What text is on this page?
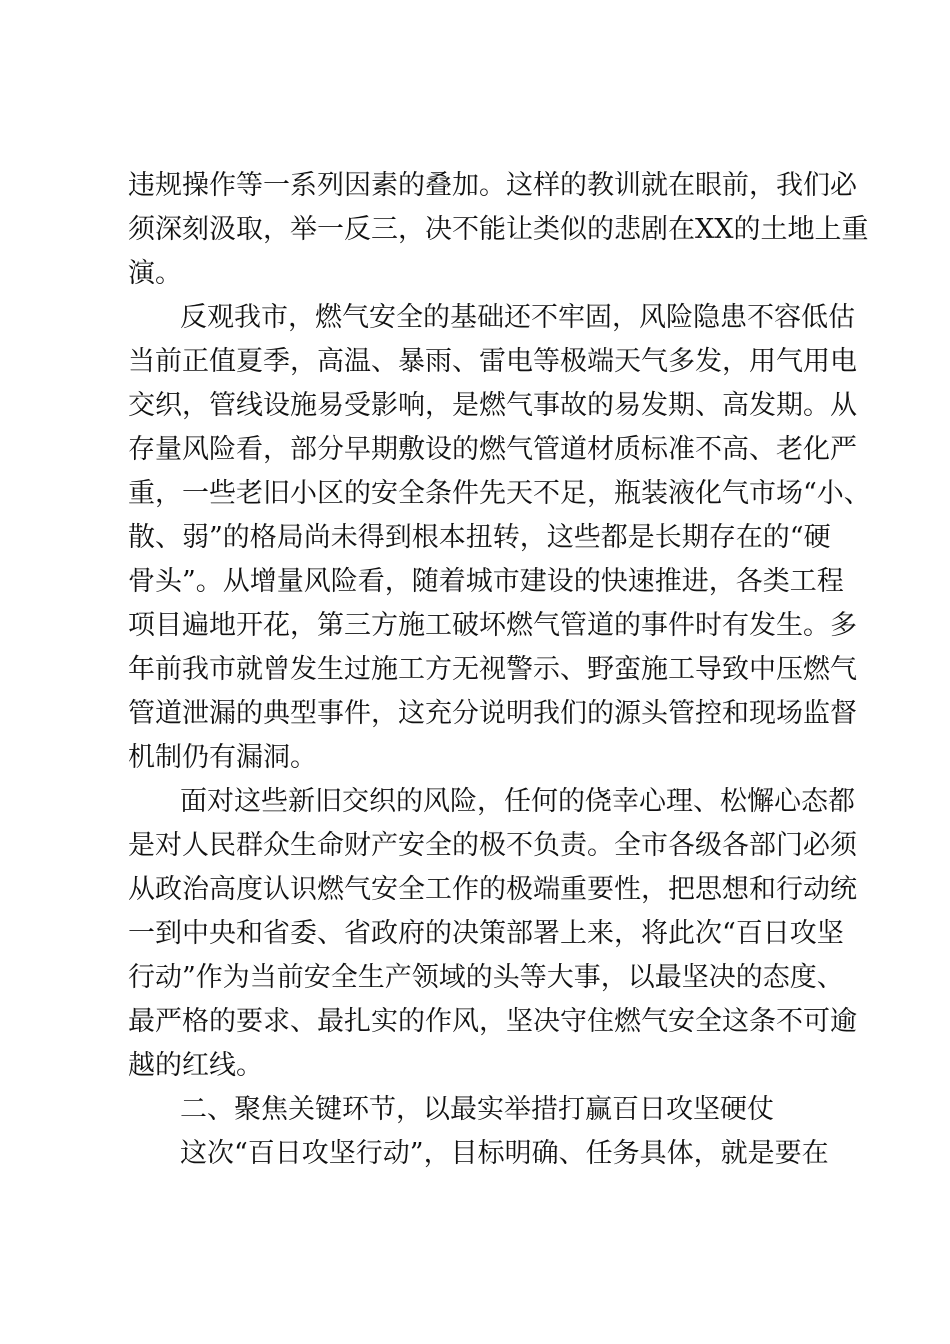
违规操作等一系列因素的叠加。这样的教训就在眼前，我们必
须深刻汲取，举一反三，决不能让类似的悲剧在XX的土地上重
演。
反观我市，燃气安全的基础还不牢固，风险隐患不容低估
当前正值夏季，高温、暴雨、雷电等极端天气多发，用气用电
交织，管线设施易受影响，是燃气事故的易发期、高发期。从
存量风险看，部分早期敷设的燃气管道材质标准不高、老化严
重，一些老旧小区的安全条件先天不足，瓶装液化气市场“小、
散、弱”的格局尚未得到根本扭转，这些都是长期存在的“硬
骨头”。从增量风险看，随着城市建设的快速推进，各类工程
项目遍地开花，第三方施工破坏燃气管道的事件时有发生。多
年前我市就曾发生过施工方无视警示、野蛮施工导致中压燃气
管道泄漏的典型事件，这充分说明我们的源头管控和现场监督
机制仍有漏洞。
面对这些新旧交织的风险，任何的侥幸心理、松懈心态都
是对人民群众生命财产安全的极不负责。全市各级各部门必须
从政治高度认识燃气安全工作的极端重要性，把思想和行动统
一到中央和省委、省政府的决策部署上来，将此次“百日攻坚
行动”作为当前安全生产领域的头等大事，以最坚决的态度、
最严格的要求、最扎实的作风，坚决守住燃气安全这条不可逾
越的红线。
二、聚焦关键环节，以最实举措打赢百日攻坚硬仗
这次“百日攻坚行动”，目标明确、任务具体，就是要在
